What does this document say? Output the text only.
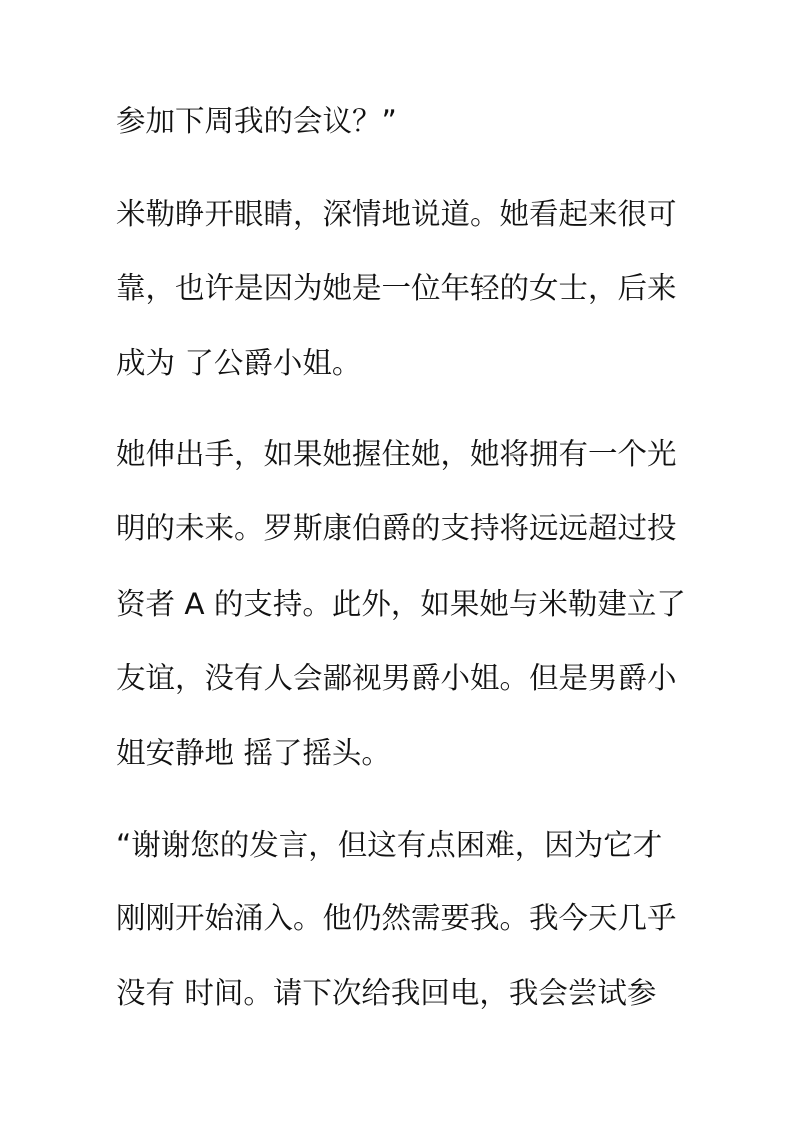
参加下周我的会议？”
米勒睁开眼睛，深情地说道。她看起来很可
靠，也许是因为她是一位年轻的女士，后来
成为 了公爵小姐。
她伸出手，如果她握住她，她将拥有一个光
明的未来。罗斯康伯爵的支持将远远超过投
资者 A 的支持。此外，如果她与米勒建立了
友谊，没有人会鄙视男爵小姐。但是男爵小
姐安静地 摇了摇头。
“谢谢您的发言，但这有点困难，因为它才
刚刚开始涌入。他仍然需要我。我今天几乎
没有 时间。请下次给我回电，我会尝试参
